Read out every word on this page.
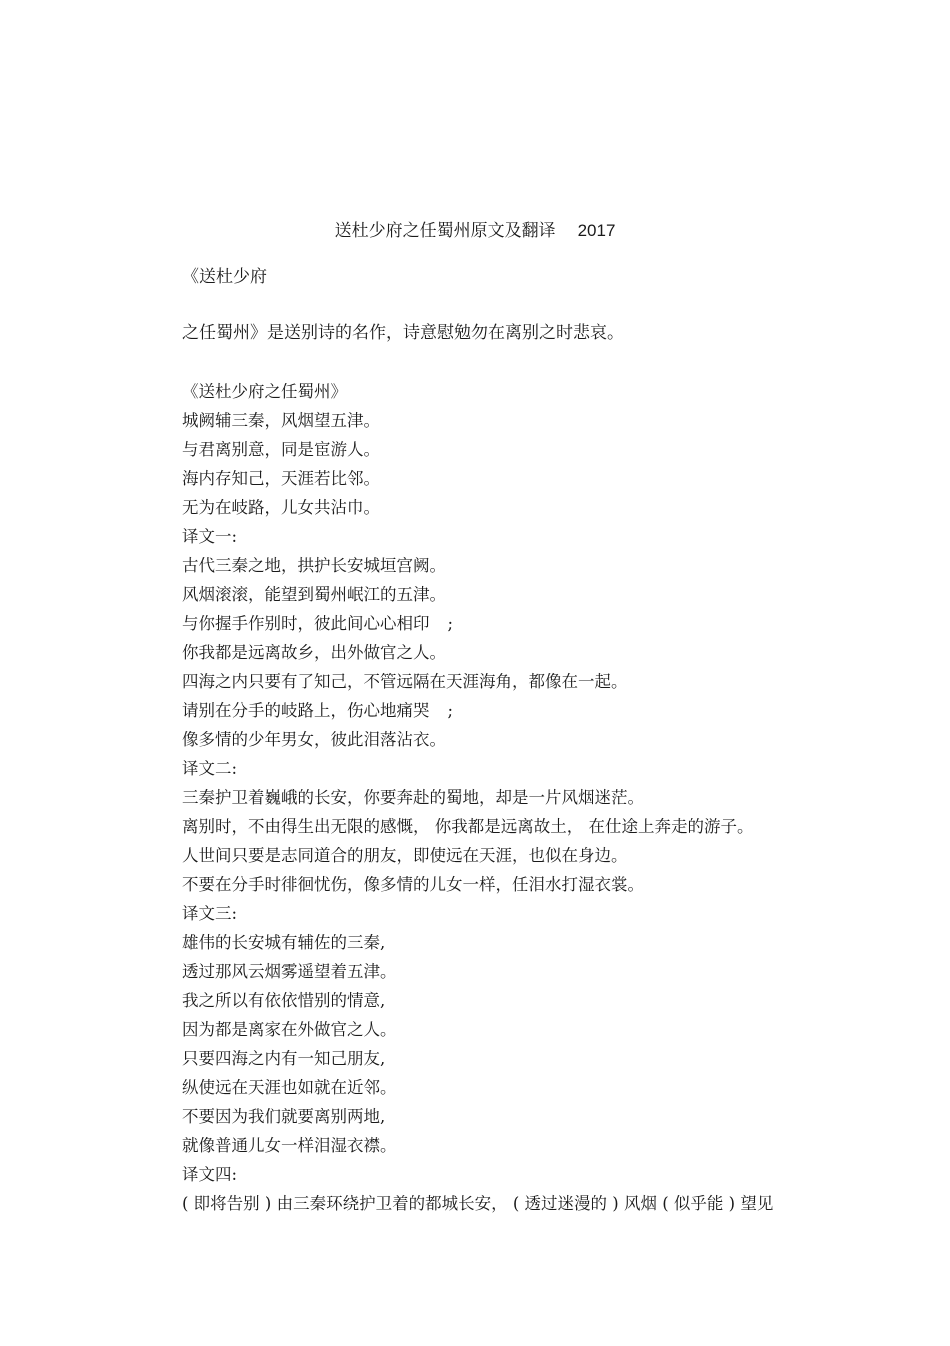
送杜少府之任蜀州原文及翻译 2017
《送杜少府
之任蜀州》是送别诗的名作，诗意慰勉勿在离别之时悲哀。
《送杜少府之任蜀州》
城阙辅三秦，风烟望五津。
与君离别意，同是宦游人。
海内存知己，天涯若比邻。
无为在岐路，儿女共沾巾。
译文一:
古代三秦之地，拱护长安城垣宫阙。
风烟滚滚，能望到蜀州岷江的五津。
与你握手作别时，彼此间心心相印 ;
你我都是远离故乡，出外做官之人。
四海之内只要有了知己，不管远隔在天涯海角，都像在一起。
请别在分手的岐路上，伤心地痛哭 ;
像多情的少年男女，彼此泪落沾衣。
译文二:
三秦护卫着巍峨的长安，你要奔赴的蜀地，却是一片风烟迷茫。
离别时，不由得生出无限的感慨， 你我都是远离故土， 在仕途上奔走的游子。
人世间只要是志同道合的朋友，即使远在天涯，也似在身边。
不要在分手时徘徊忧伤，像多情的儿女一样，任泪水打湿衣裳。
译文三:
雄伟的长安城有辅佐的三秦,
透过那风云烟雾遥望着五津。
我之所以有依依惜别的情意,
因为都是离家在外做官之人。
只要四海之内有一知己朋友,
纵使远在天涯也如就在近邻。
不要因为我们就要离别两地,
就像普通儿女一样泪湿衣襟。
译文四:
( 即将告别 ) 由三秦环绕护卫着的都城长安， ( 透过迷漫的 ) 风烟 ( 似乎能 ) 望见
